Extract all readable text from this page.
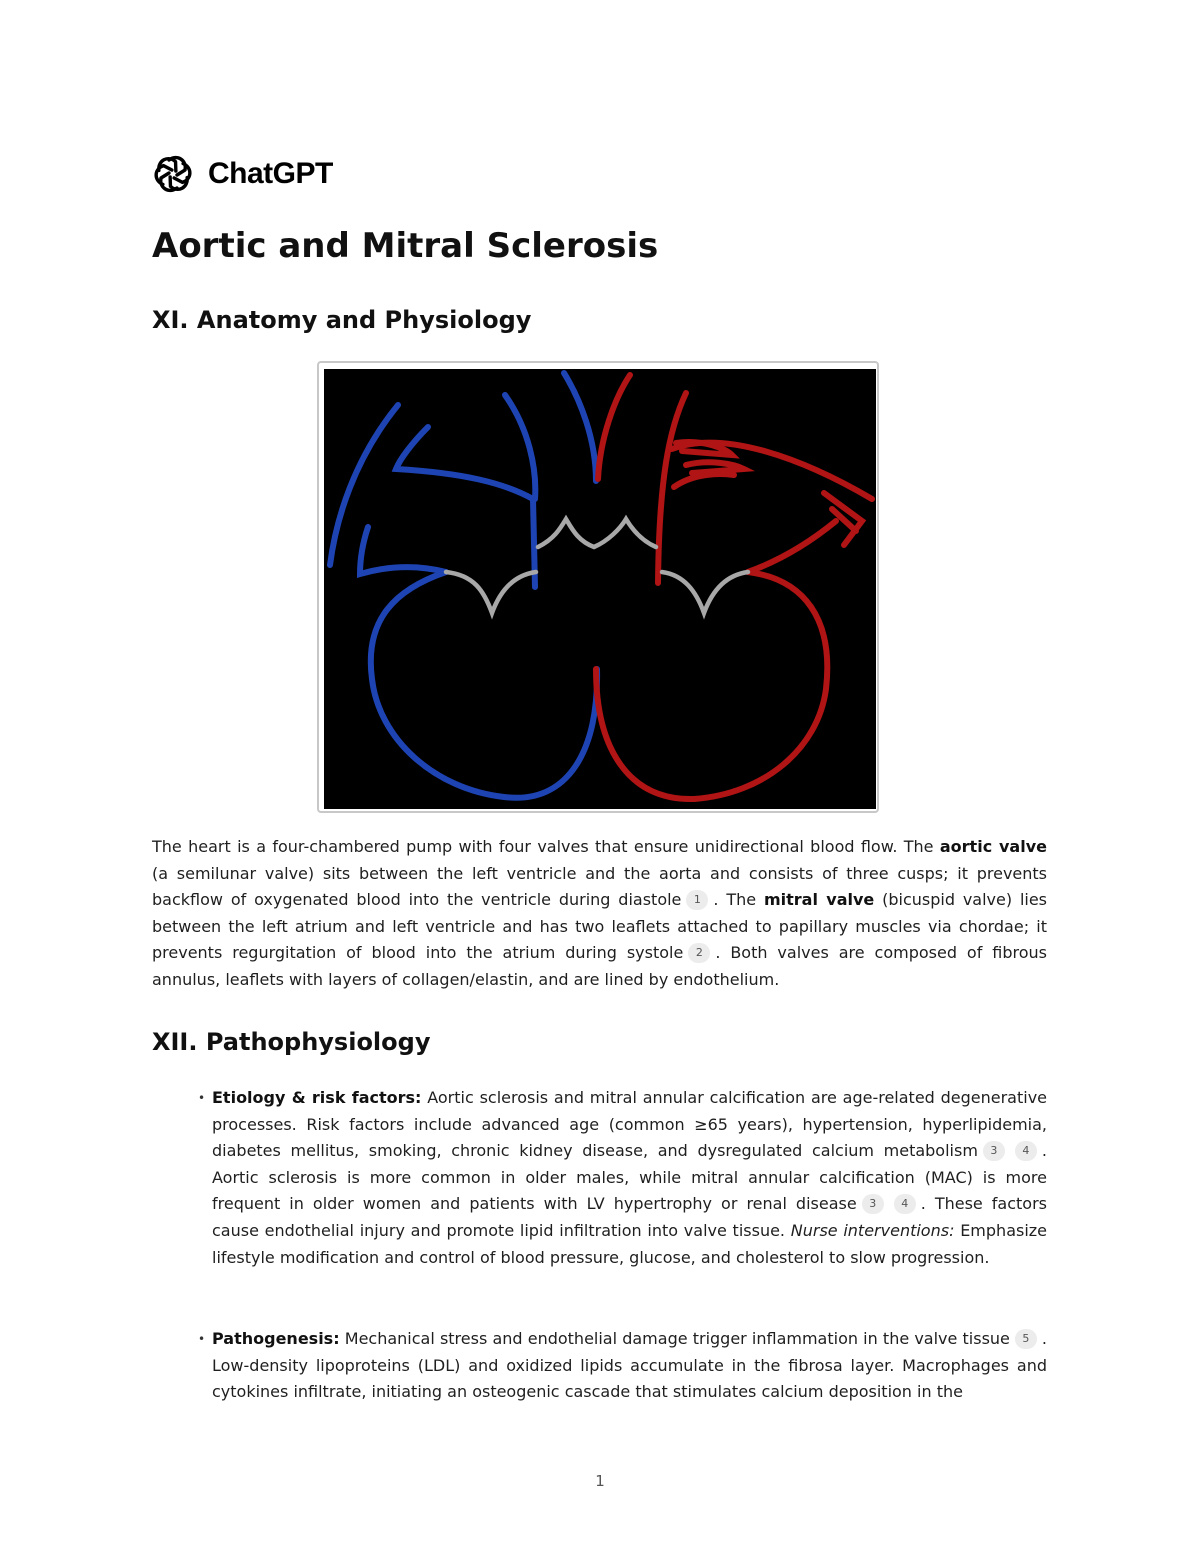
ChatGPT
Aortic and Mitral Sclerosis
XI. Anatomy and Physiology

The heart is a four-chambered pump with four valves that ensure unidirectional blood flow. The aortic valve (a semilunar valve) sits between the left ventricle and the aorta and consists of three cusps; it prevents backflow of oxygenated blood into the ventricle during diastole 1 . The mitral valve (bicuspid valve) lies between the left atrium and left ventricle and has two leaflets attached to papillary muscles via chordae; it prevents regurgitation of blood into the atrium during systole 2 . Both valves are composed of fibrous annulus, leaflets with layers of collagen/elastin, and are lined by endothelium.

XII. Pathophysiology
• Etiology & risk factors: Aortic sclerosis and mitral annular calcification are age-related degenerative processes. Risk factors include advanced age (common ≥65 years), hypertension, hyperlipidemia, diabetes mellitus, smoking, chronic kidney disease, and dysregulated calcium metabolism 3 4 . Aortic sclerosis is more common in older males, while mitral annular calcification (MAC) is more frequent in older women and patients with LV hypertrophy or renal disease 3 4 . These factors cause endothelial injury and promote lipid infiltration into valve tissue. Nurse interventions: Emphasize lifestyle modification and control of blood pressure, glucose, and cholesterol to slow progression.
• Pathogenesis: Mechanical stress and endothelial damage trigger inflammation in the valve tissue 5 . Low-density lipoproteins (LDL) and oxidized lipids accumulate in the fibrosa layer. Macrophages and cytokines infiltrate, initiating an osteogenic cascade that stimulates calcium deposition in the
1
